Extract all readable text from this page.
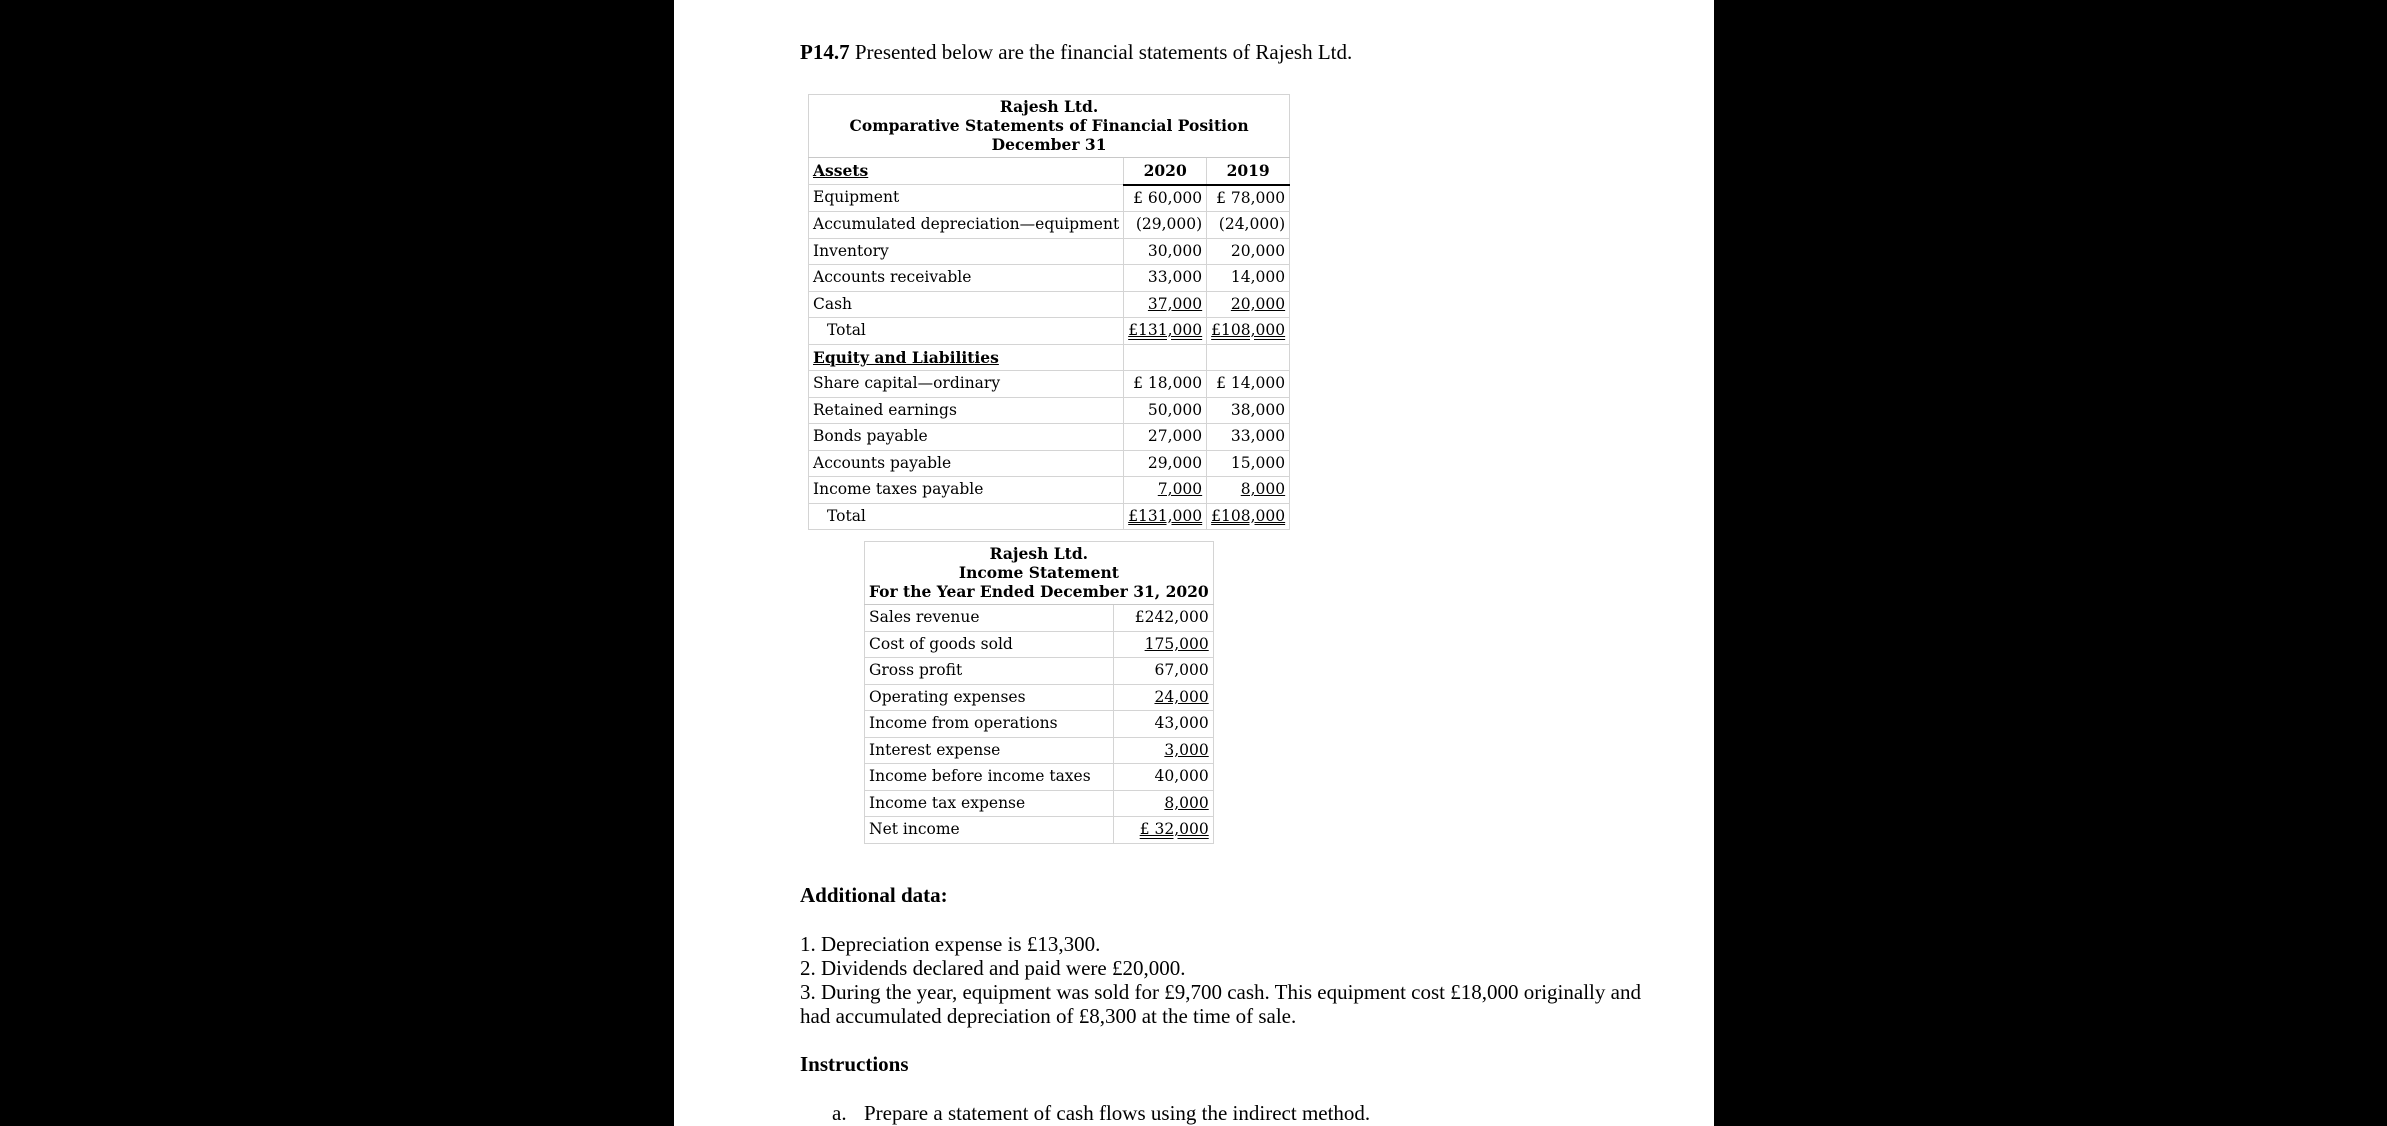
P14.7 Presented below are the financial statements of Rajesh Ltd.
Rajesh Ltd.
Comparative Statements of Financial Position
December 31		

Assets	2020	2019
Equipment	£ 60,000	£ 78,000
Accumulated depreciation—equipment	(29,000)	(24,000)
Inventory	30,000	20,000
Accounts receivable	33,000	14,000
Cash	37,000	20,000
Total	£131,000	£108,000
Equity and Liabilities		
Share capital—ordinary	£ 18,000	£ 14,000
Retained earnings	50,000	38,000
Bonds payable	27,000	33,000
Accounts payable	29,000	15,000
Income taxes payable	7,000	8,000
Total	£131,000	£108,000
Rajesh Ltd.
Income Statement
For the Year Ended December 31, 2020	

Sales revenue	£242,000
Cost of goods sold	175,000
Gross profit	67,000
Operating expenses	24,000
Income from operations	43,000
Interest expense	3,000
Income before income taxes	40,000
Income tax expense	8,000
Net income	£ 32,000
Additional data:
1. Depreciation expense is £13,300.
2. Dividends declared and paid were £20,000.
3. During the year, equipment was sold for £9,700 cash. This equipment cost £18,000 originally and had accumulated depreciation of £8,300 at the time of sale.
Instructions
a. Prepare a statement of cash flows using the indirect method.
